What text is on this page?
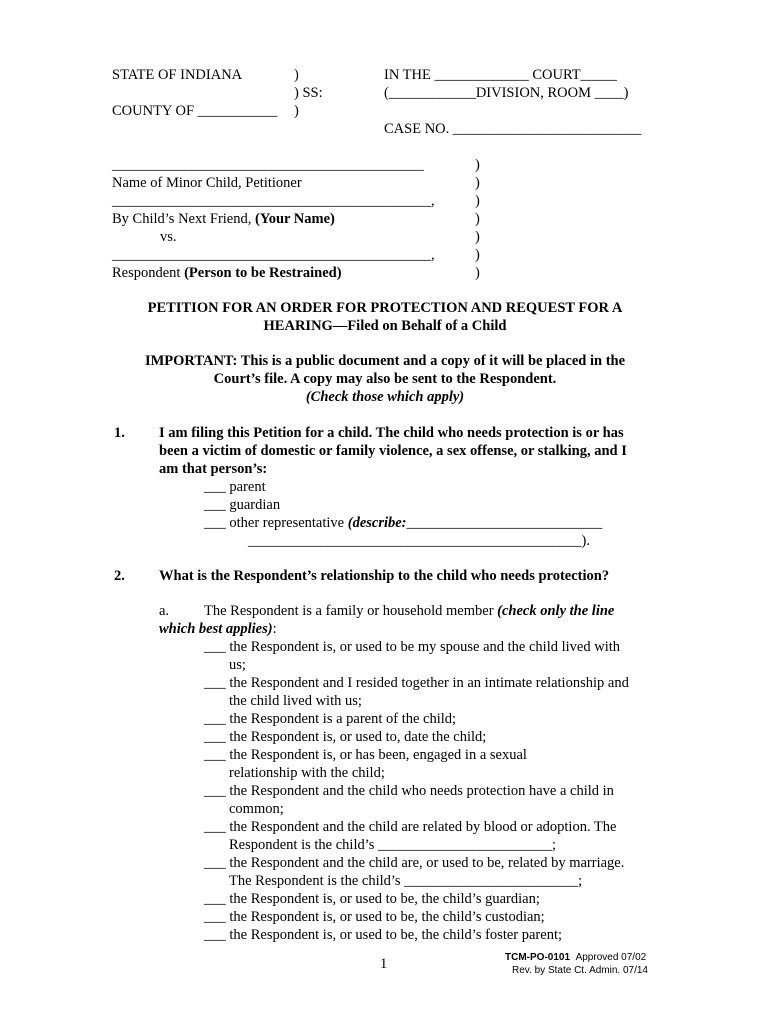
STATE OF INDIANA
COUNTY OF ___________
)
) SS:
)
IN THE _____________ COURT_____
(____________DIVISION, ROOM ____)
CASE NO. __________________________
___________________________________________
Name of Minor Child, Petitioner
____________________________________________,
By Child’s Next Friend, (Your Name)
vs.
____________________________________________,
Respondent (Person to be Restrained)
)
)
)
)
)
)
)
PETITION FOR AN ORDER FOR PROTECTION AND REQUEST FOR A
HEARING—Filed on Behalf of a Child
IMPORTANT: This is a public document and a copy of it will be placed in the
Court’s file. A copy may also be sent to the Respondent.
(Check those which apply)
1. I am filing this Petition for a child. The child who needs protection is or has
been a victim of domestic or family violence, a sex offense, or stalking, and I
am that person’s:
___ parent
___ guardian
___ other representative (describe:___________________________
______________________________________________).
2. What is the Respondent’s relationship to the child who needs protection?
a. The Respondent is a family or household member (check only the line
which best applies):
___ the Respondent is, or used to be my spouse and the child lived with
us;
___ the Respondent and I resided together in an intimate relationship and
the child lived with us;
___ the Respondent is a parent of the child;
___ the Respondent is, or used to, date the child;
___ the Respondent is, or has been, engaged in a sexual
relationship with the child;
___ the Respondent and the child who needs protection have a child in
common;
___ the Respondent and the child are related by blood or adoption. The
Respondent is the child’s ________________________;
___ the Respondent and the child are, or used to be, related by marriage.
The Respondent is the child’s ________________________;
___ the Respondent is, or used to be, the child’s guardian;
___ the Respondent is, or used to be, the child’s custodian;
___ the Respondent is, or used to be, the child’s foster parent;
1	TCM-PO-0101 Approved 07/02
Rev. by State Ct. Admin. 07/14
